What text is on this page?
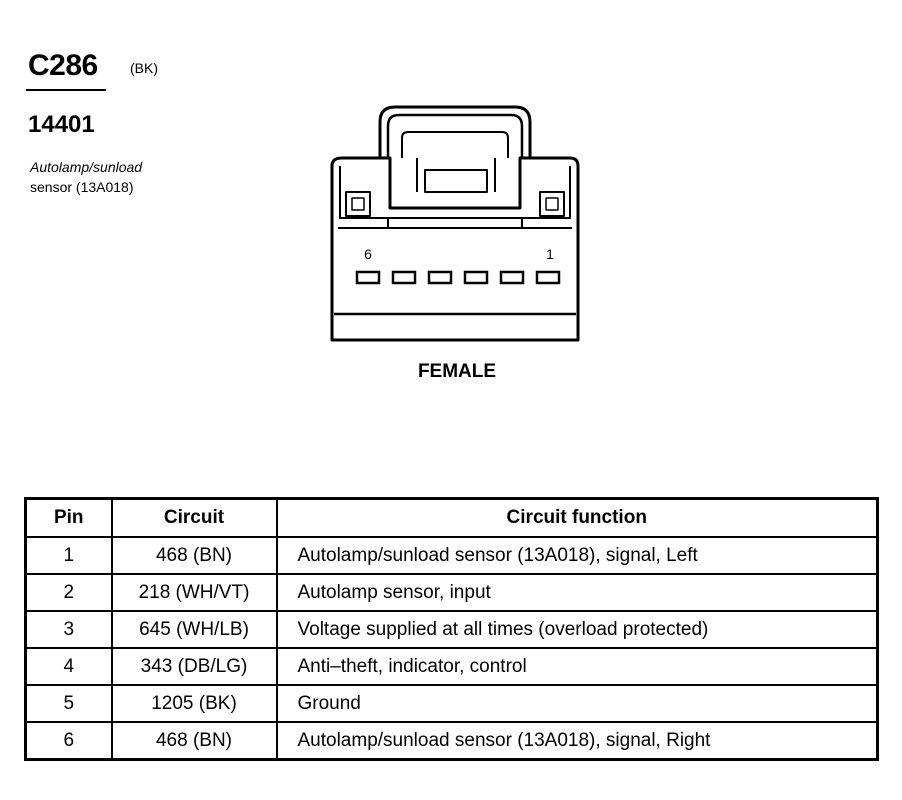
C286 (BK)
14401
Autolamp/sunload
sensor (13A018)
6	1
FEMALE
Pin	Circuit	Circuit function
1	468 (BN)	Autolamp/sunload sensor (13A018), signal, Left
2	218 (WH/VT)	Autolamp sensor, input
3	645 (WH/LB)	Voltage supplied at all times (overload protected)
4	343 (DB/LG)	Anti–theft, indicator, control
5	1205 (BK)	Ground
6	468 (BN)	Autolamp/sunload sensor (13A018), signal, Right
